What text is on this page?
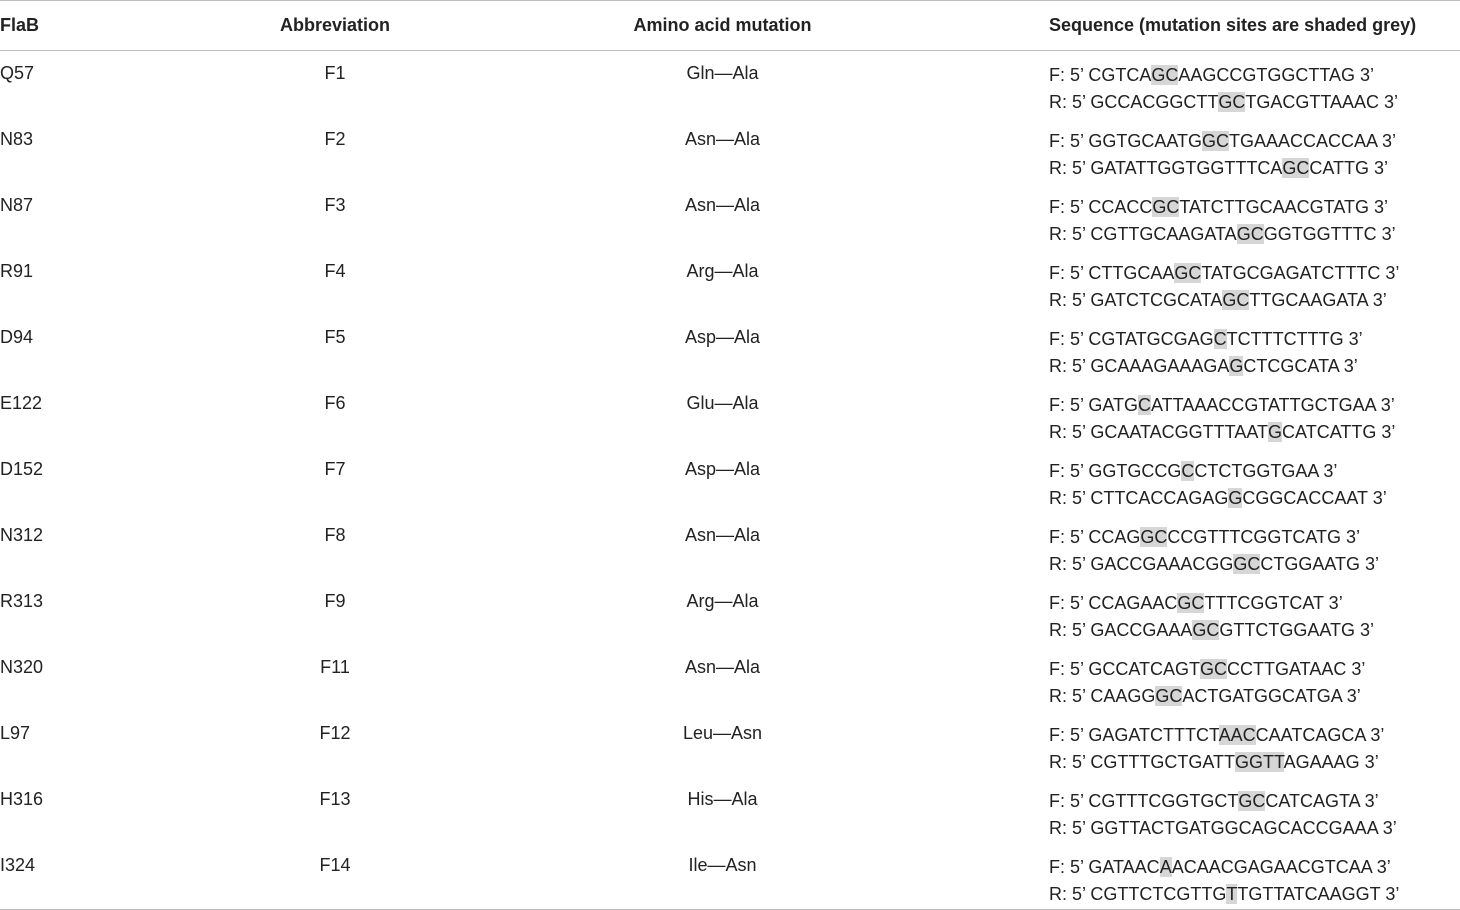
FlaB	Abbreviation	Amino acid mutation	Sequence (mutation sites are shaded grey)
Q57	F1	Gln—Ala	F: 5’ CGTCAGCAAGCCGTGGCTTAG 3’
R: 5’ GCCACGGCTTGCTGACGTTAAAC 3’

N83	F2	Asn—Ala	F: 5’ GGTGCAATGGCTGAAACCACCAA 3’
R: 5’ GATATTGGTGGTTTCAGCCATTG 3’

N87	F3	Asn—Ala	F: 5’ CCACCGCTATCTTGCAACGTATG 3’
R: 5’ CGTTGCAAGATAGCGGTGGTTTC 3’

R91	F4	Arg—Ala	F: 5’ CTTGCAAGCTATGCGAGATCTTTC 3’
R: 5’ GATCTCGCATAGCTTGCAAGATA 3’

D94	F5	Asp—Ala	F: 5’ CGTATGCGAGCTCTTTCTTTG 3’
R: 5’ GCAAAGAAAGAGCTCGCATA 3’

E122	F6	Glu—Ala	F: 5’ GATGCATTAAACCGTATTGCTGAA 3’
R: 5’ GCAATACGGTTTAATGCATCATTG 3’

D152	F7	Asp—Ala	F: 5’ GGTGCCGCCTCTGGTGAA 3’
R: 5’ CTTCACCAGAGGCGGCACCAAT 3’

N312	F8	Asn—Ala	F: 5’ CCAGGCCCGTTTCGGTCATG 3’
R: 5’ GACCGAAACGGGCCTGGAATG 3’

R313	F9	Arg—Ala	F: 5’ CCAGAACGCTTTCGGTCAT 3’
R: 5’ GACCGAAAGCGTTCTGGAATG 3’

N320	F11	Asn—Ala	F: 5’ GCCATCAGTGCCCTTGATAAC 3’
R: 5’ CAAGGGCACTGATGGCATGA 3’

L97	F12	Leu—Asn	F: 5’ GAGATCTTTCTAACCAATCAGCA 3’
R: 5’ CGTTTGCTGATTGGTTAGAAAG 3’

H316	F13	His—Ala	F: 5’ CGTTTCGGTGCTGCCATCAGTA 3’
R: 5’ GGTTACTGATGGCAGCACCGAAA 3’

I324	F14	Ile—Asn	F: 5’ GATAACAACAACGAGAACGTCAA 3’
R: 5’ CGTTCTCGTTGTTGTTATCAAGGT 3’
